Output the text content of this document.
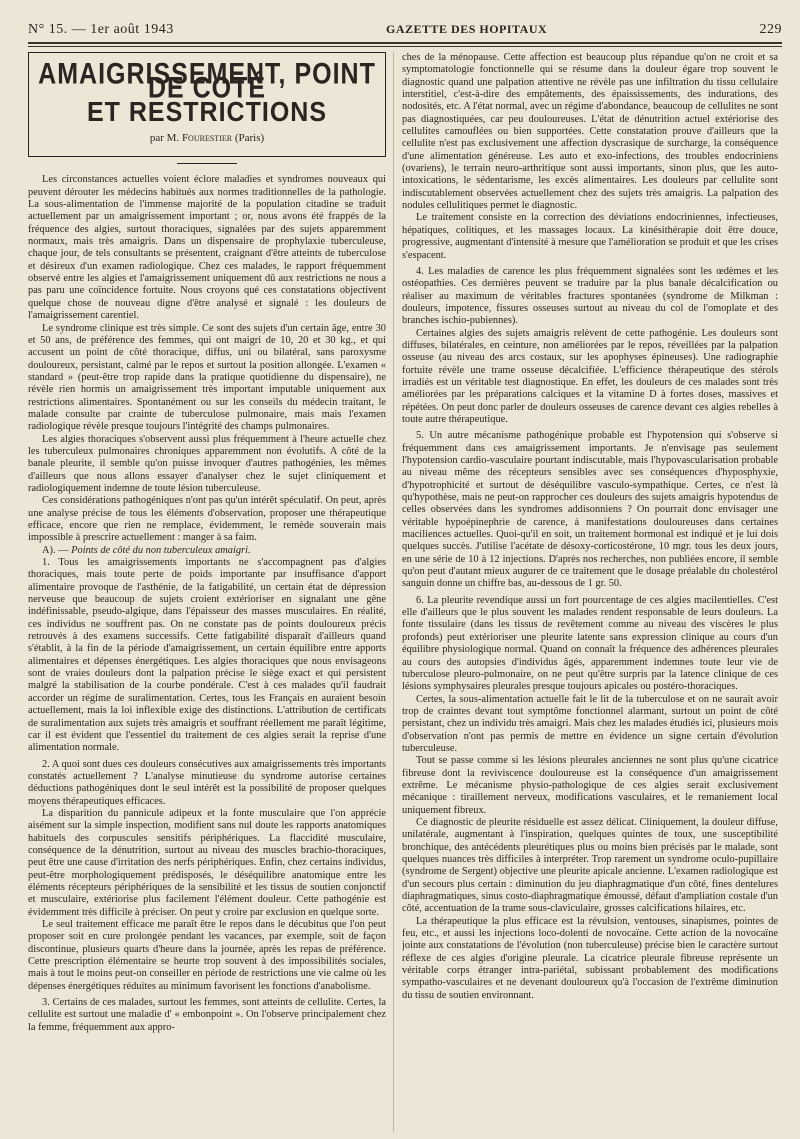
N° 15. — 1er août 1943	GAZETTE DES HOPITAUX	229
AMAIGRISSEMENT, POINT DE COTÉ
ET RESTRICTIONS
par M. Fourestier (Paris)

Les circonstances actuelles voient éclore maladies et syndromes nouveaux qui peuvent dérouter les médecins habitués aux normes traditionnelles de la pathologie. La sous-alimentation de l'immense majorité de la population citadine se traduit actuellement par un amaigrissement important ; or, nous avons été frappés de la fréquence des algies, surtout thoraciques, signalées par des sujets apparemment normaux, mais très amaigris. Dans un dispensaire de prophylaxie tuberculeuse, chaque jour, de tels consultants se présentent, craignant d'être atteints de tuberculose et désireux d'un examen radiologique. Chez ces malades, le rapport fréquemment observé entre les algies et l'amaigrissement uniquement dû aux restrictions ne nous a pas paru une coïncidence fortuite. Nous croyons qué ces constatations objectivent quelque chose de nouveau digne d'être analysé et signalé : les douleurs de l'amaigrissement carentiel.

Le syndrome clinique est très simple. Ce sont des sujets d'un certain âge, entre 30 et 50 ans, de préférence des femmes, qui ont maigri de 10, 20 et 30 kg., et qui accusent un point de côté thoracique, diffus, uni ou bilatéral, sans paroxysme douloureux, persistant, calmé par le repos et surtout la position allongée. L'examen « standard » (peut-être trop rapide dans la pratique quotidienne du dispensaire), ne révèle rien hormis un amaigrissement très important imputable uniquement aux restrictions alimentaires. Spontanément ou sur les conseils du médecin traitant, le malade consulte par crainte de tuberculose pulmonaire, mais mais l'examen radiologique révèle presque toujours l'intégrité des champs pulmonaires.

Les algies thoraciques s'observent aussi plus fréquemment à l'heure actuelle chez les tuberculeux pulmonaires chroniques apparemment non évolutifs. A côté de la banale pleurite, il semble qu'on puisse invoquer d'autres pathogénies, les mêmes d'ailleurs que nous allons essayer d'analyser chez le sujet cliniquement et radiologiquement indemne de toute lésion tuberculeuse.

Ces considérations pathogéniques n'ont pas qu'un intérêt spéculatif. On peut, après une analyse précise de tous les éléments d'observation, proposer une thérapeutique efficace, encore que rien ne remplace, évidemment, le remède souverain mais impossible à prescrire actuellement : manger à sa faim.

A). — Points de côté du non tuberculeux amaigri.

1. Tous les amaigrissements importants ne s'accompagnent pas d'algies thoraciques, mais toute perte de poids importante par insuffisance d'apport alimentaire provoque de l'asthénie, de la fatigabilité, un certain état de dépression nerveuse que beaucoup de sujets croient extérioriser en signalant une gêne indéfinissable, pseudo-algique, dans l'épaisseur des masses musculaires. En réalité, ces individus ne souffrent pas. On ne constate pas de points douloureux précis retrouvés à des examens successifs. Cette fatigabilité disparaît d'ailleurs quand s'établit, à la fin de la période d'amaigrissement, un certain équilibre entre apports alimentaires et dépenses énergétiques. Les algies thoraciques que nous envisageons sont de vraies douleurs dont la palpation précise le siège exact et qui persistent malgré la stabilisation de la courbe pondérale. C'est à ces malades qu'il faudrait accorder un régime de suralimentation. Certes, tous les Français en auraient besoin actuellement, mais la loi inflexible exige des distinctions. L'attribution de certificats de suralimentation aux sujets très amaigris et souffrant réellement me paraît légitime, car il est évident que l'essentiel du traitement de ces algies serait la reprise d'une alimentation normale.

2. A quoi sont dues ces douleurs consécutives aux amaigrissements très importants constatés actuellement ? L'analyse minutieuse du syndrome autorise certaines déductions pathogéniques dont le seul intérêt est la possibilité de proposer quelques moyens thérapeutiques efficaces.

La disparition du pannicule adipeux et la fonte musculaire que l'on apprécie aisément sur la simple inspection, modifient sans nul doute les rapports anatomiques habituels des corpuscules sensitifs périphériques. La flaccidité musculaire, conséquence de la dénutrition, surtout au niveau des muscles brachio-thoraciques, peut être une cause d'irritation des nerfs périphériques. Enfin, chez certains individus, peut-être morphologiquement prédisposés, le déséquilibre anatomique entre les éléments récepteurs périphériques de la sensibilité et les tissus de soutien conjonctif et musculaire, extériorise plus facilement l'élément douleur. Cette pathogénie est évidemment très difficile à préciser. On peut y croire par exclusion en quelque sorte.

Le seul traitement efficace me paraît être le repos dans le décubitus que l'on peut proposer soit en cure prolongée pendant les vacances, par exemple, soit de façon discontinue, plusieurs quarts d'heure dans la journée, après les repas de préférence. Cette prescription élémentaire se heurte trop souvent à des impossibilités sociales, mais à tout le moins peut-on conseiller en période de restrictions une vie calme où les dépenses énergétiques réduites au minimum favorisent les fonctions d'anabolisme.

3. Certains de ces malades, surtout les femmes, sont atteints de cellulite. Certes, la cellulite est surtout une maladie d' « embonpoint ». On l'observe principalement chez la femme, fréquemment aux appro-

ches de la ménopause. Cette affection est beaucoup plus répandue qu'on ne croit et sa symptomatologie fonctionnelle qui se résume dans la douleur égare trop souvent le diagnostic quand une palpation attentive ne révèle pas une infiltration du tissu cellulaire interstitiel, c'est-à-dire des empâtements, des épaississements, des indurations, des nodosités, etc. A l'état normal, avec un régime d'abondance, beaucoup de cellulites ne sont pas diagnostiquées, car peu douloureuses. L'état de dénutrition actuel extériorise des cellulites camouflées ou bien supportées. Cette constatation prouve d'ailleurs que la cellulite n'est pas exclusivement une affection dyscrasique de surcharge, la conséquence d'une alimentation généreuse. Les auto et exo-infections, des troubles endocriniens (ovariens), le terrain neuro-arthritique sont aussi importants, sinon plus, que les auto-intoxications, le sédentarisme, les excès alimentaires. Les douleurs par cellulite sont indiscutablement observées actuellement chez des sujets très amaigris. La palpation des nodules cellulitiques permet le diagnostic.

Le traitement consiste en la correction des déviations endocriniennes, infectieuses, hépatiques, colitiques, et les massages locaux. La kinésithérapie doit être douce, progressive, augmentant d'intensité à mesure que l'amélioration se produit et que les crises s'espacent.

4. Les maladies de carence les plus fréquemment signalées sont les œdèmes et les ostéopathies. Ces dernières peuvent se traduire par la plus banale décalcification ou réaliser au maximum de véritables fractures spontanées (syndrome de Milkman : douleurs, impotence, fissures osseuses surtout au niveau du col de l'omoplate et des branches ischio-pubiennes).

Certaines algies des sujets amaigris relèvent de cette pathogénie. Les douleurs sont diffuses, bilatérales, en ceinture, non améliorées par le repos, réveillées par la palpation osseuse (au niveau des arcs costaux, sur les apophyses épineuses). Une radiographie fortuite révèle une trame osseuse décalcifiée. L'efficience thérapeutique des stérols irradiés est un véritable test diagnostique. En effet, les douleurs de ces malades sont très améliorées par les préparations calciques et la vitamine D à fortes doses, massives et répétées. On peut donc parler de douleurs osseuses de carence devant ces algies rebelles à toute autre thérapeutique.

5. Un autre mécanisme pathogénique probable est l'hypotension qui s'observe si fréquemment dans ces amaigrissement importants. Je n'envisage pas seulement l'hypotension cardio-vasculaire pourtant indiscutable, mais l'hypovascularisation probable au niveau même des récepteurs sensibles avec ses conséquences d'hyposphyxie, d'hypotrophicité et surtout de déséquilibre vasculo-sympathique. Certes, ce n'est là qu'hypothèse, mais ne peut-on rapprocher ces douleurs des sujets amaigris hypotendus de celles observées dans les syndromes addisonniens ? On pourrait donc envisager une véritable hypoépinephrie de carence, à manifestations douloureuses dans certaines maciliences actuelles. Quoi-qu'il en soit, un traitement hormonal est indiqué et je lui dois quelques succès. J'utilise l'acétate de désoxy-corticostérone, 10 mgr. tous les deux jours, en une série de 10 à 12 injections. D'après nos recherches, non publiées encore, il semble qu'on peut d'autant mieux augurer de ce traitement que le dosage préalable du cholestérol sanguin donne un chiffre bas, au-dessous de 1 gr. 50.

6. La pleurite revendique aussi un fort pourcentage de ces algies macilentielles. C'est elle d'ailleurs que le plus souvent les malades rendent responsable de leurs douleurs. La fonte tissulaire (dans les tissus de revêtement comme au niveau des viscères le plus profonds) peut extérioriser une pleurite latente sans expression clinique au cours d'un équilibre physiologique normal. Quand on connaît la fréquence des adhérences pleurales au cours des autopsies d'individus âgés, apparemment indemnes toute leur vie de tuberculose pleuro-pulmonaire, on ne peut qu'être surpris par la latence clinique de ces lésions symphysaires pleurales presque toujours apicales ou postéro-thoraciques.

Certes, la sous-alimentation actuelle fait le lit de la tuberculose et on ne saurait avoir trop de craintes devant tout symptôme fonctionnel alarmant, surtout un point de côté persistant, chez un individu très amaigri. Mais chez les malades étudiés ici, plusieurs mois d'observation n'ont pas permis de mettre en évidence un signe certain d'évolution tuberculeuse.

Tout se passe comme si les lésions pleurales anciennes ne sont plus qu'une cicatrice fibreuse dont la reviviscence douloureuse est la conséquence d'un amaigrissement extrême. Le mécanisme physio-pathologique de ces algies serait exclusivement mécanique : tiraillement nerveux, modifications vasculaires, et le remaniement local uniquement fibreux.

Ce diagnostic de pleurite résiduelle est assez délicat. Cliniquement, la douleur diffuse, unilatérale, augmentant à l'inspiration, quelques quintes de toux, une susceptibilité bronchique, des antécédents pleurétiques plus ou moins bien précisés par le malade, sont quelques nuances très difficiles à interpréter. Trop rarement un syndrome oculo-pupillaire (syndrome de Sergent) objective une pleurite apicale ancienne. L'examen radiologique est d'un secours plus certain : diminution du jeu diaphragmatique d'un côté, fines dentelures diaphragmatiques, sinus costo-diaphragmatique émoussé, défaut d'ampliation costale d'un côté, accentuation de la trame sous-claviculaire, grosses calcifications hilaires, etc.

La thérapeutique la plus efficace est la révulsion, ventouses, sinapismes, pointes de feu, etc., et aussi les injections loco-dolenti de novocaïne. Cette action de la novocaïne jointe aux constatations de l'évolution (non tuberculeuse) précise bien le caractère surtout réflexe de ces algies d'origine pleurale. La cicatrice pleurale fibreuse représente un véritable corps étranger intra-pariétal, subissant probablement des modifications sympatho-vasculaires et ne devenant douloureux qu'à l'occasion de l'extrême diminution du tissu de soutien environnant.
